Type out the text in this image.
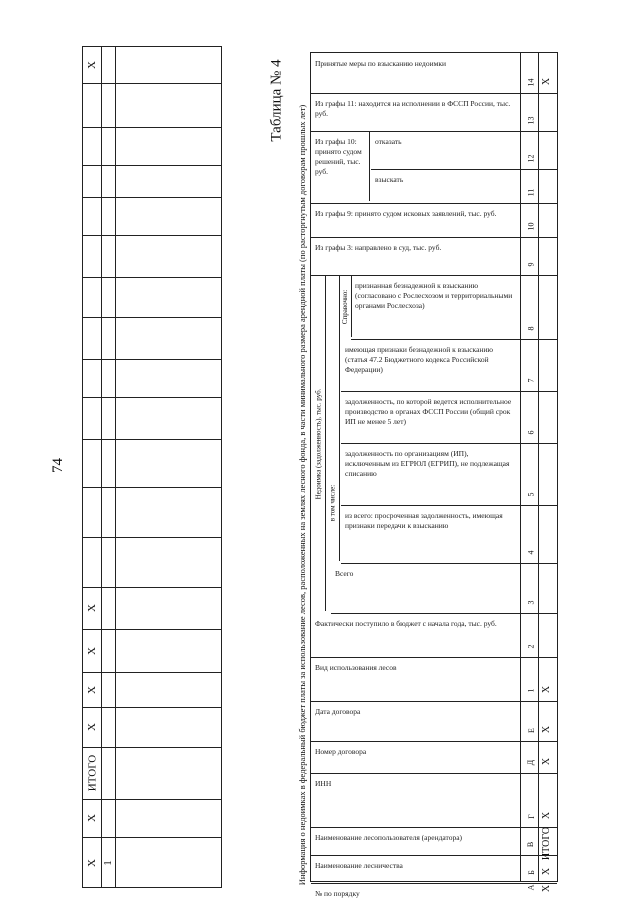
74
Х
Х
Х
Х
Х
ИТОГО
Х
Х 1
Таблица № 4
Информация о недоимках в федеральный бюджет платы за использование лесов, расположенных на землях лесного фонда, в части минимального размера арендной платы (по расторгнутым договорам прошлых лет)
Принятые меры по взысканию недоимки
14 Х
Из графы 11: находится на исполнении в ФССП России, тыс. руб.
13
отказать
12
взыскать
11
Из графы 9: принято судом исковых заявлений, тыс. руб.
10
Из графы 3: направлено в суд, тыс. руб.
9
признанная безнадежной к взысканию (согласовано с Рослесхозом и территориальными органами Рослесхоза)
8
имеющая признаки безнадежной к взысканию (статья 47.2 Бюджетного кодекса Российской Федерации)
7
задолженность, по которой ведется исполнительное производство в органах ФССП России (общий срок ИП не менее 5 лет)
6
задолженность по организациям (ИП), исключенным из ЕГРЮЛ (ЕГРИП), не подлежащая списанию
5
из всего: просроченная задолженность, имеющая признаки передачи к взысканию
4
Всего
3
Фактически поступило в бюджет с начала года, тыс. руб.
2
Вид использования лесов
1 Х
Дата договора
Е Х
Номер договора
Д Х
ИНН
Г Х
Наименование лесопользователя (арендатора)
В ИТОГО
Наименование лесничества
Б Х
№ по порядку
А Х
Из графы 10: принято судом решений, тыс. руб.
Недоимка (задолженность), тыс. руб.
в том числе:
Справочно:
